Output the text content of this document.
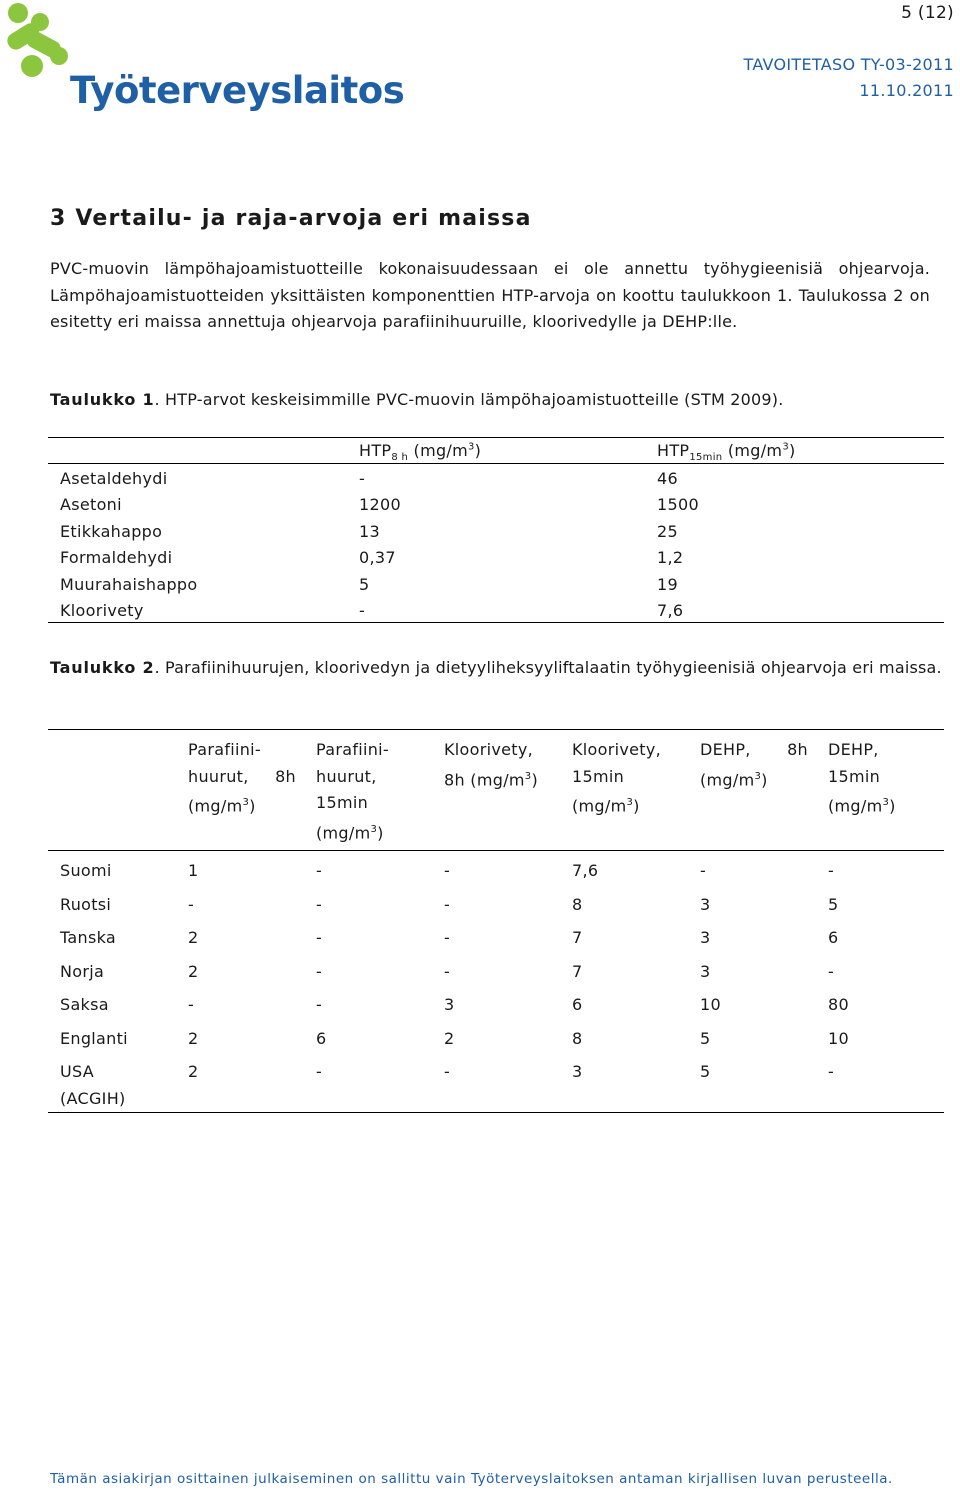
Työterveyslaitos
5 (12)
TAVOITETASO TY-03-2011
11.10.2011
3 Vertailu- ja raja-arvoja eri maissa
PVC-muovin lämpöhajoamistuotteille kokonaisuudessaan ei ole annettu työhygieenisiä ohjearvoja. Lämpöhajoamistuotteiden yksittäisten komponenttien HTP-arvoja on koottu taulukkoon 1. Taulukossa 2 on esitetty eri maissa annettuja ohjearvoja parafiinihuuruille, kloorivedylle ja DEHP:lle.
Taulukko 1. HTP-arvot keskeisimmille PVC-muovin lämpöhajoamistuotteille (STM 2009).
	$HTP_{8 h}$ $(mg/m^3)$	$HTP_{15min}$ $(mg/m^3)$
Asetaldehydi	-	46
Asetoni	1200	1500
Etikkahappo	13	25
Formaldehydi	0,37	1,2
Muurahaishappo	5	19
Kloorivety	-	7,6
Taulukko 2. Parafiinihuurujen, kloorivedyn ja dietyyliheksyyliftalaatin työhygieenisiä ohjearvoja eri maissa.

	Parafiini- huurut, 8h $(mg/m^3)$	Parafiini- huurut, 15min $(mg/m^3)$	Kloorivety, 8h $(mg/m^3)$	Kloorivety, 15min $(mg/m^3)$	DEHP, 8h $(mg/m^3)$	DEHP, 15min $(mg/m^3)$

Suomi	1	-	-	7,6	-	-
Ruotsi	-	-	-	8	3	5
Tanska	2	-	-	7	3	6
Norja	2	-	-	7	3	-
Saksa	-	-	3	6	10	80
Englanti	2	6	2	8	5	10
USA (ACGIH)	2	-	-	3	5	-
Tämän asiakirjan osittainen julkaiseminen on sallittu vain Työterveyslaitoksen antaman kirjallisen luvan perusteella.
